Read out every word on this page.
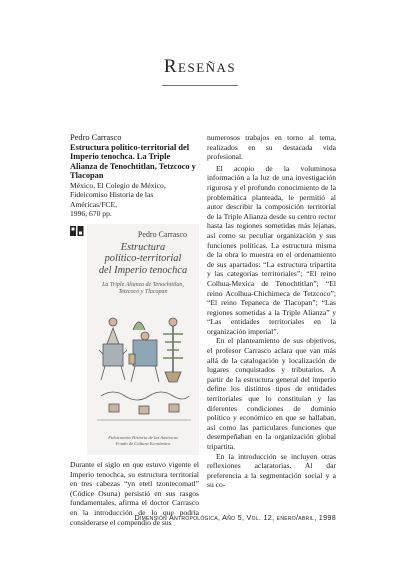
Reseñas
Pedro Carrasco
Estructura político-territorial del Imperio tenochca. La Triple Alianza de Tenochtitlan, Tetzcoco y Tlacopan
México, El Colegio de México,
Fideicomiso Historia de las Américas/FCE,
1996, 670 pp.
Pedro Carrasco
Estructura
político-territorial
del Imperio tenochca
La Triple Alianza de Tenochtitlan,
Tetzcoco y Tlacopan
Fideicomiso Historia de las Américas
Fondo de Cultura Económica

Durante el siglo en que estuvo vigente el Imperio tenochca, su estructura territorial en tres cabezas “yn etetl tzontecomatl” (Códice Osuna) persistió en sus rasgos fundamentales, afirma el doctor Carrasco en la introducción de lo que podría considerarse el compendio de sus

numerosos trabajos en torno al tema, realizados en su destacada vida profesional.

El acopio de la voluminosa información a la luz de una investigación rigurosa y el profundo conocimiento de la problemática planteada, le permitió al autor describir la composición territorial de la Triple Alianza desde su centro rector hasta las regiones sometidas más lejanas, así como su peculiar organización y sus funciones políticas. La estructura misma de la obra lo muestra en el ordenamiento de sus apartados: “La estructura tripartita y las categorías territoriales”; “El reino Colhua-Mexica de Tenochtitlan”; “El reino Acolhua-Chichimeca de Tetzcoco”; “El reino Tepaneca de Tlacopan”; “Las regiones sometidas a la Triple Alianza” y “Las entidades territoriales en la organización imperial”.

En el planteamiento de sus objetivos, el profesor Carrasco aclara que van más allá de la catalogación y localización de lugares conquistados y tributarios. A partir de la estructura general del imperio define los distintos tipos de entidades territoriales que lo constituían y las diferentes condiciones de dominio político y económico en que se hallaban, así como las particulares funciones que desempeñaban en la organización global tripartita.

En la introducción se incluyen otras reflexiones aclaratorias. Al dar preferencia a la segmentación social y a su co-

Dimensión Antropológica, Año 5, Vol. 12, enero/abril, 1998
